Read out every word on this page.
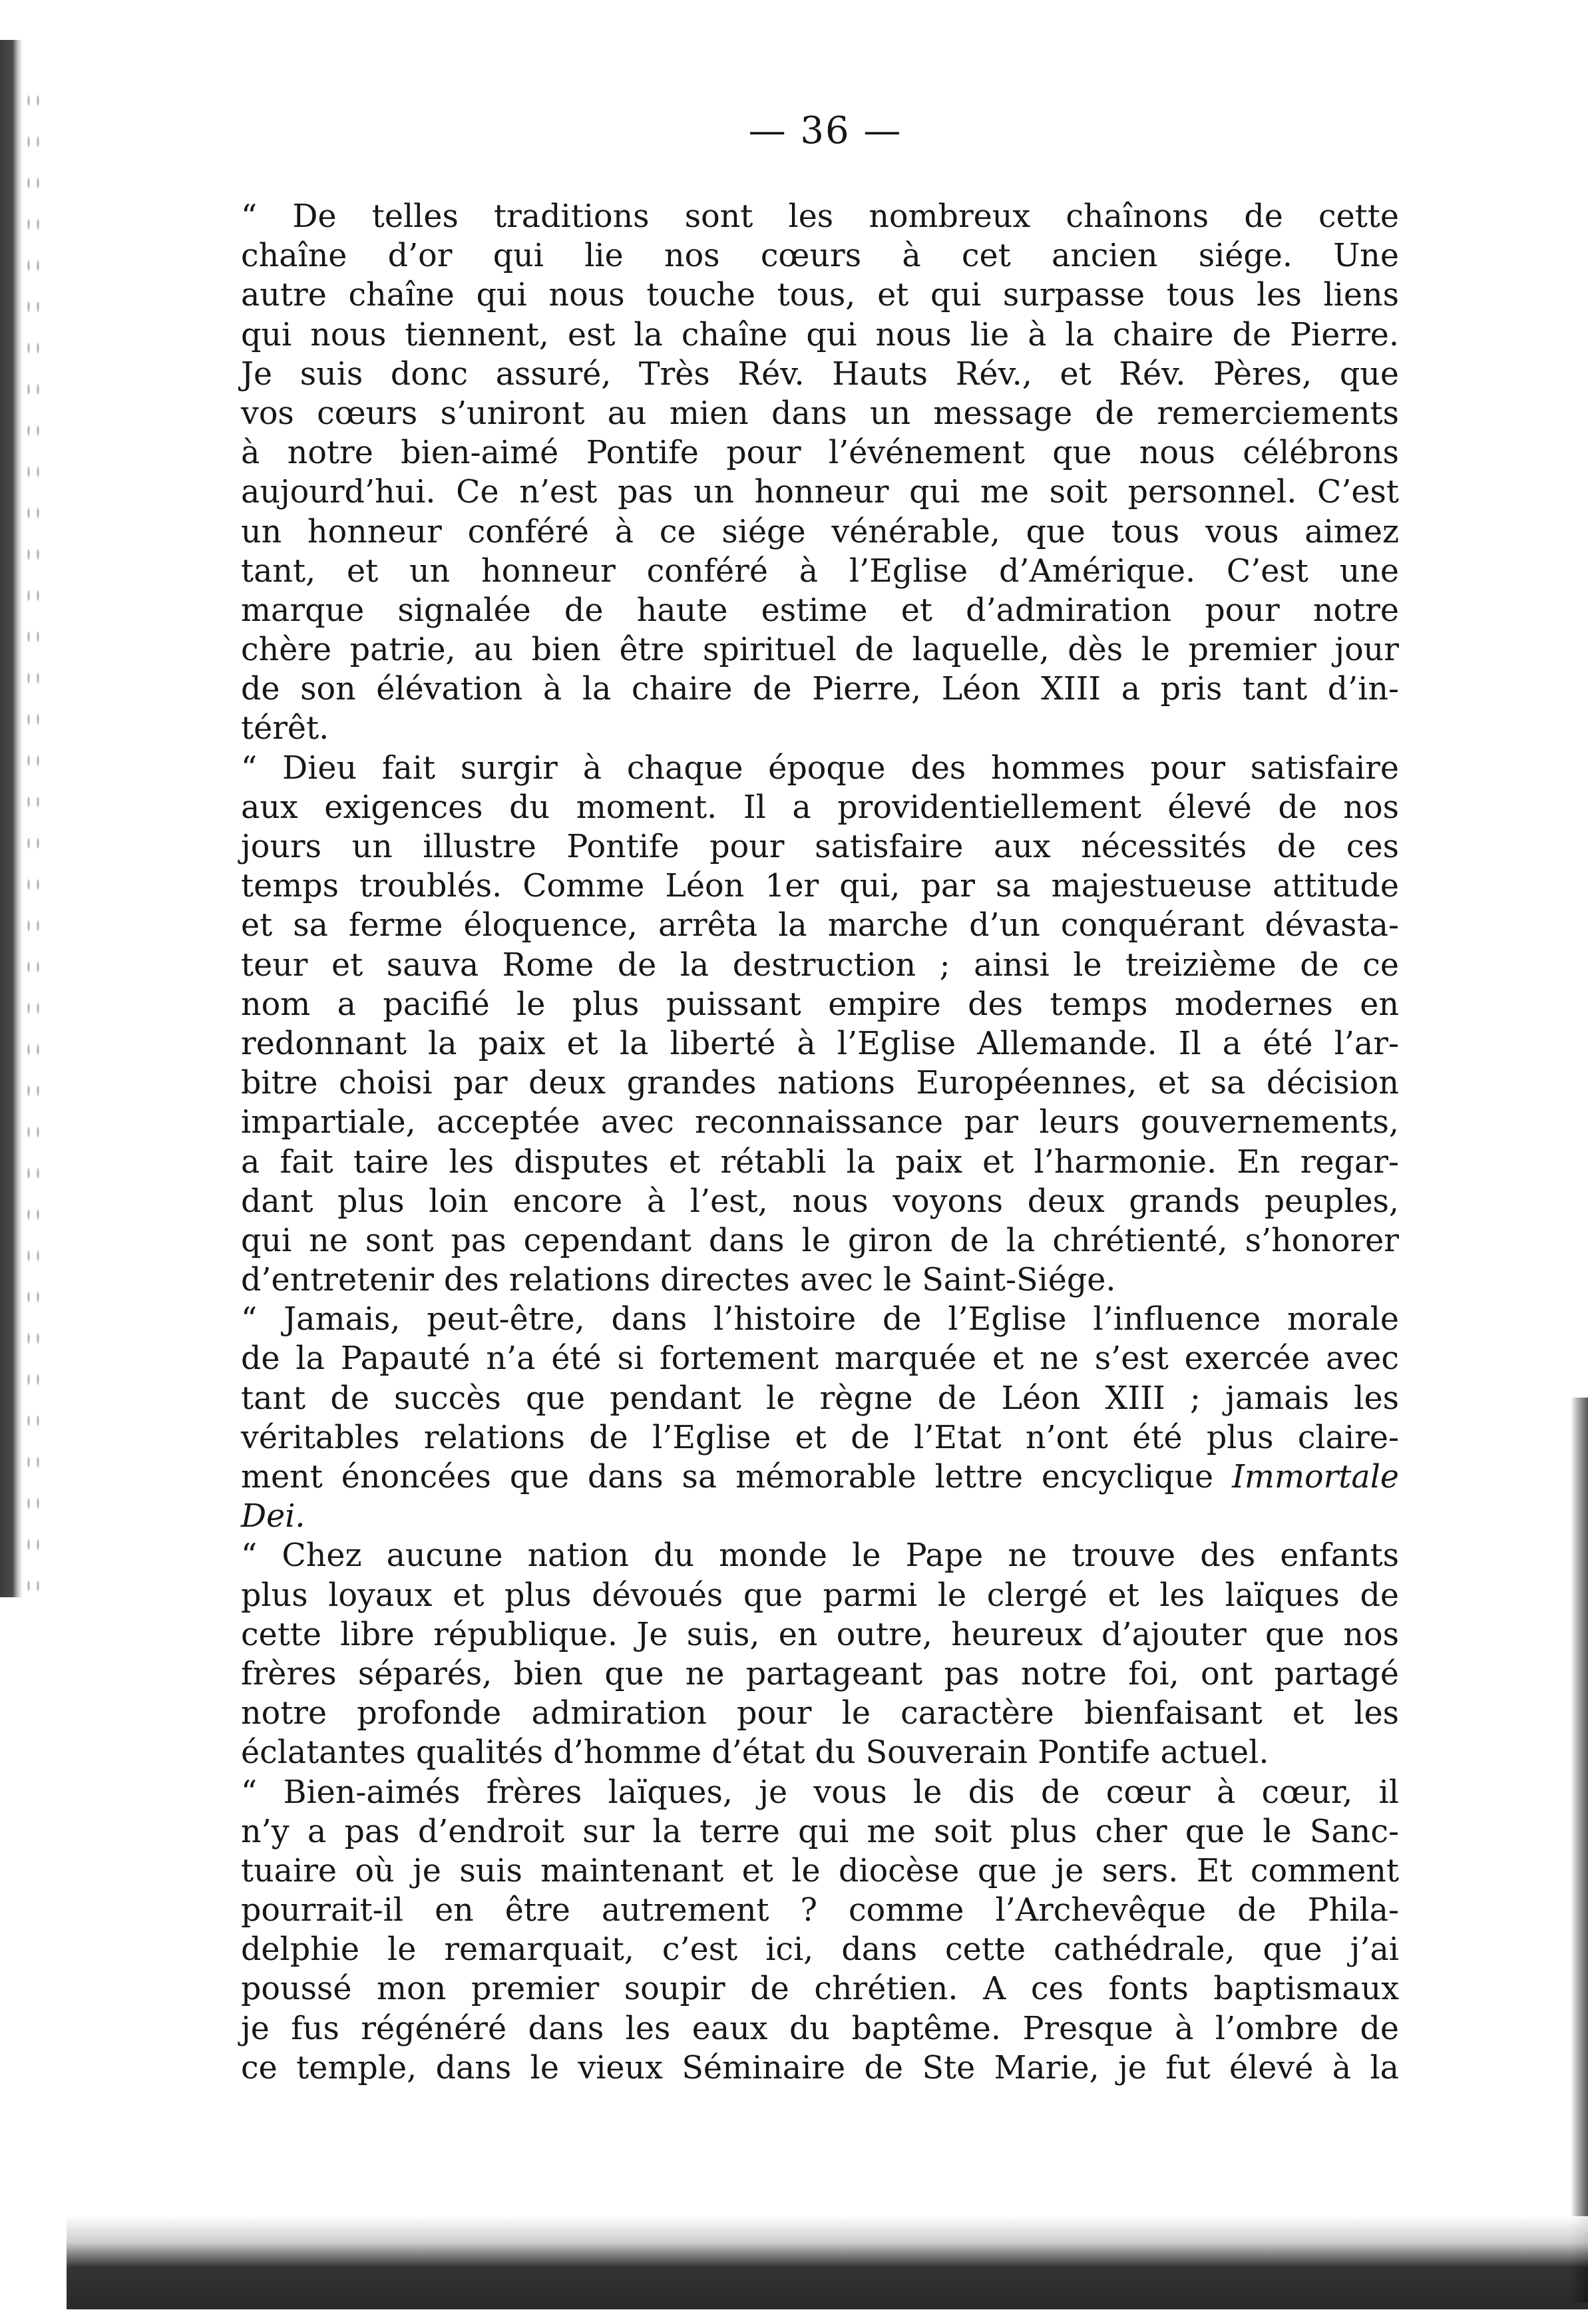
— 36 —
“ De telles traditions sont les nombreux chaînons de cette
chaîne d’or qui lie nos cœurs à cet ancien siége. Une
autre chaîne qui nous touche tous, et qui surpasse tous les liens
qui nous tiennent, est la chaîne qui nous lie à la chaire de Pierre.
Je suis donc assuré, Très Rév. Hauts Rév., et Rév. Pères, que
vos cœurs s’uniront au mien dans un message de remerciements
à notre bien-aimé Pontife pour l’événement que nous célébrons
aujourd’hui. Ce n’est pas un honneur qui me soit personnel. C’est
un honneur conféré à ce siége vénérable, que tous vous aimez
tant, et un honneur conféré à l’Eglise d’Amérique. C’est une
marque signalée de haute estime et d’admiration pour notre
chère patrie, au bien être spirituel de laquelle, dès le premier jour
de son élévation à la chaire de Pierre, Léon XIII a pris tant d’in-
térêt.
“ Dieu fait surgir à chaque époque des hommes pour satisfaire
aux exigences du moment. Il a providentiellement élevé de nos
jours un illustre Pontife pour satisfaire aux nécessités de ces
temps troublés. Comme Léon 1er qui, par sa majestueuse attitude
et sa ferme éloquence, arrêta la marche d’un conquérant dévasta-
teur et sauva Rome de la destruction ; ainsi le treizième de ce
nom a pacifié le plus puissant empire des temps modernes en
redonnant la paix et la liberté à l’Eglise Allemande. Il a été l’ar-
bitre choisi par deux grandes nations Européennes, et sa décision
impartiale, acceptée avec reconnaissance par leurs gouvernements,
a fait taire les disputes et rétabli la paix et l’harmonie. En regar-
dant plus loin encore à l’est, nous voyons deux grands peuples,
qui ne sont pas cependant dans le giron de la chrétienté, s’honorer
d’entretenir des relations directes avec le Saint-Siége.
“ Jamais, peut-être, dans l’histoire de l’Eglise l’influence morale
de la Papauté n’a été si fortement marquée et ne s’est exercée avec
tant de succès que pendant le règne de Léon XIII ; jamais les
véritables relations de l’Eglise et de l’Etat n’ont été plus claire-
ment énoncées que dans sa mémorable lettre encyclique Immortale
Dei.
“ Chez aucune nation du monde le Pape ne trouve des enfants
plus loyaux et plus dévoués que parmi le clergé et les laïques de
cette libre république. Je suis, en outre, heureux d’ajouter que nos
frères séparés, bien que ne partageant pas notre foi, ont partagé
notre profonde admiration pour le caractère bienfaisant et les
éclatantes qualités d’homme d’état du Souverain Pontife actuel.
“ Bien-aimés frères laïques, je vous le dis de cœur à cœur, il
n’y a pas d’endroit sur la terre qui me soit plus cher que le Sanc-
tuaire où je suis maintenant et le diocèse que je sers. Et comment
pourrait-il en être autrement ? comme l’Archevêque de Phila-
delphie le remarquait, c’est ici, dans cette cathédrale, que j’ai
poussé mon premier soupir de chrétien. A ces fonts baptismaux
je fus régénéré dans les eaux du baptême. Presque à l’ombre de
ce temple, dans le vieux Séminaire de Ste Marie, je fut élevé à la
